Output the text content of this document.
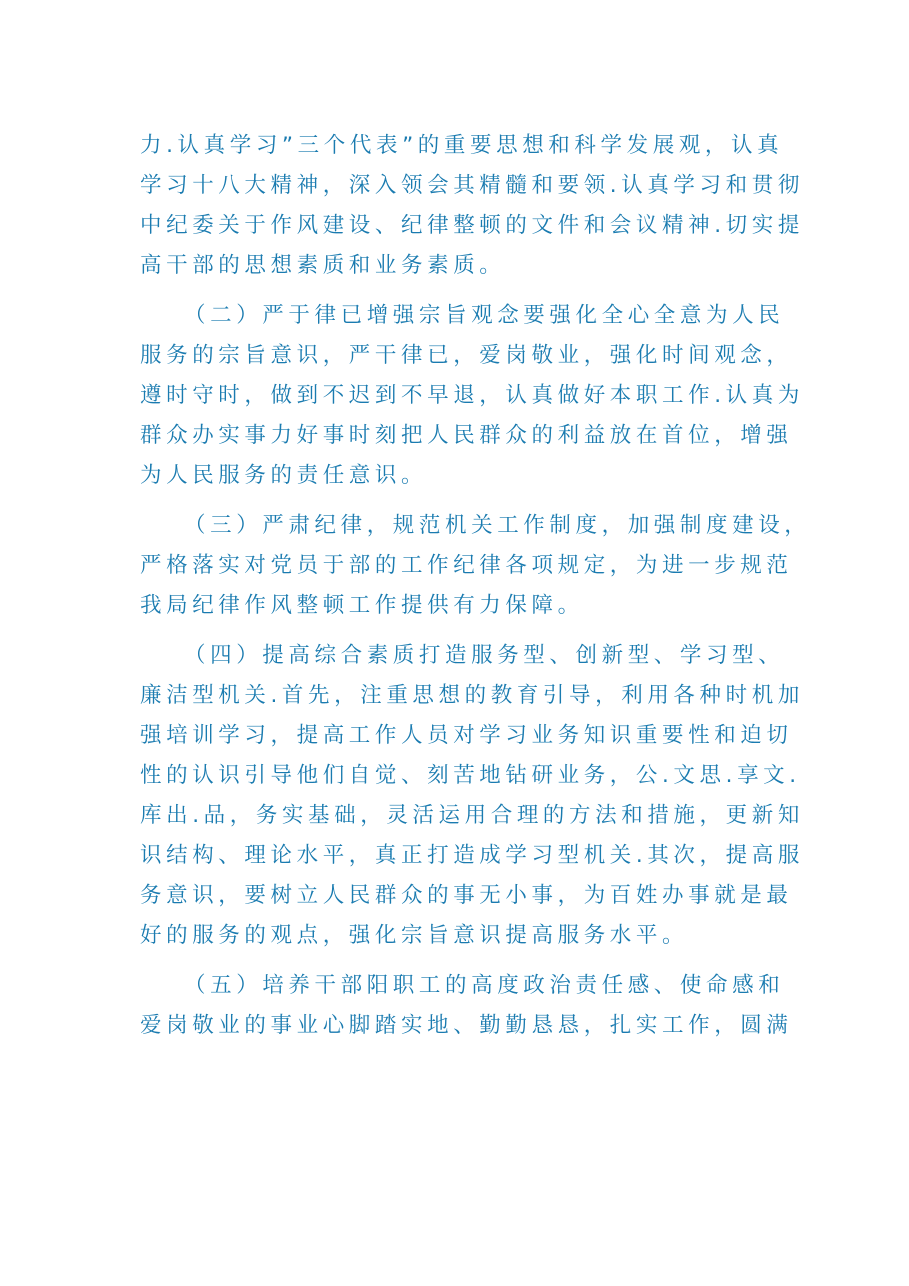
力.认真学习”三个代表”的重要思想和科学发展观，认真
学习十八大精神，深入领会其精髓和要领.认真学习和贯彻
中纪委关于作风建设、纪律整顿的文件和会议精神.切实提
高干部的思想素质和业务素质。

（二）严于律已增强宗旨观念要强化全心全意为人民
服务的宗旨意识，严干律已，爱岗敬业，强化时间观念，
遵时守时，做到不迟到不早退，认真做好本职工作.认真为
群众办实事力好事时刻把人民群众的利益放在首位，增强
为人民服务的责任意识。

（三）严肃纪律，规范机关工作制度，加强制度建设，
严格落实对党员于部的工作纪律各项规定，为进一步规范
我局纪律作风整顿工作提供有力保障。

（四）提高综合素质打造服务型、创新型、学习型、
廉洁型机关.首先，注重思想的教育引导，利用各种时机加
强培训学习，提高工作人员对学习业务知识重要性和迫切
性的认识引导他们自觉、刻苦地钻研业务，公.文思.享文.
库出.品，务实基础，灵活运用合理的方法和措施，更新知
识结构、理论水平，真正打造成学习型机关.其次，提高服
务意识，要树立人民群众的事无小事，为百姓办事就是最
好的服务的观点，强化宗旨意识提高服务水平。

（五）培养干部阳职工的高度政治责任感、使命感和
爱岗敬业的事业心脚踏实地、勤勤恳恳，扎实工作，圆满
